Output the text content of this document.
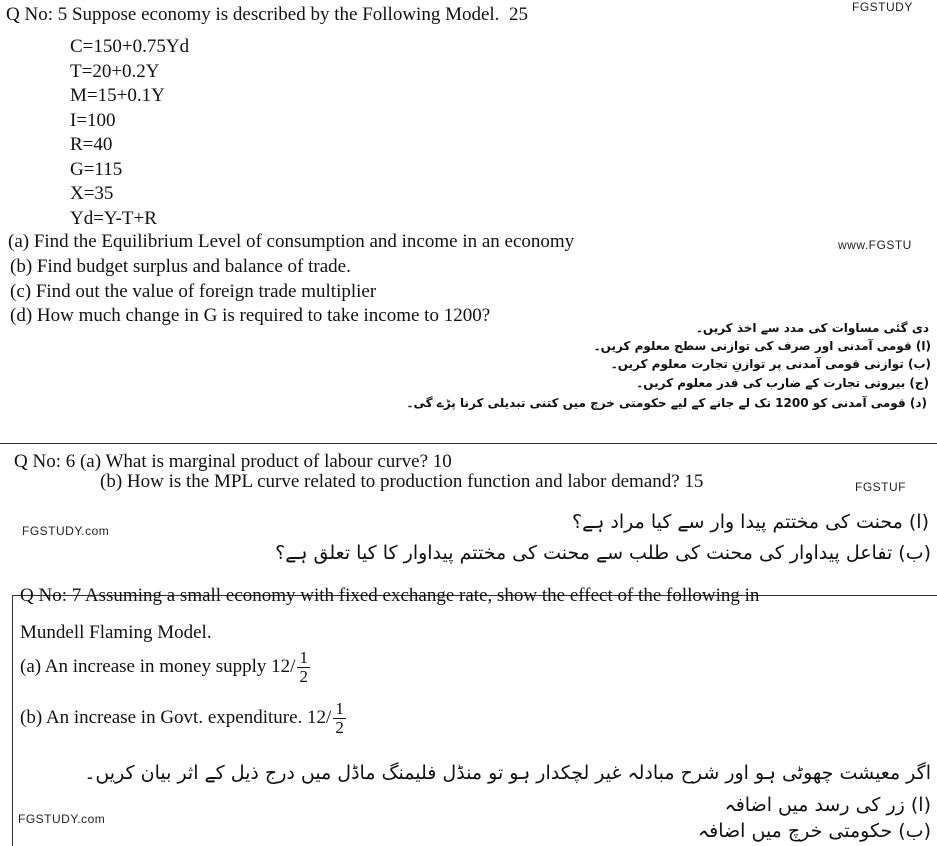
FGSTUDY
www.FGSTU
FGSTUDY.com
FGSTUF
FGSTUDY.com
Q No: 5 Suppose economy is described by the Following Model. 25
C=150+0.75Yd
T=20+0.2Y
M=15+0.1Y
I=100
R=40
G=115
X=35
Yd=Y-T+R
(a) Find the Equilibrium Level of consumption and income in an economy
(b) Find budget surplus and balance of trade.
(c) Find out the value of foreign trade multiplier
(d) How much change in G is required to take income to 1200?
دی گئی مساوات کی مدد سے اخذ کریں۔
(ا) قومی آمدنی اور صرف کی توازنی سطح معلوم کریں۔
(ب) توازنی قومی آمدنی پر توازنِ تجارت معلوم کریں۔
(ج) بیرونی تجارت کے ضارب کی قدر معلوم کریں۔
(د) قومی آمدنی کو 1200 تک لے جانے کے لیے حکومتی خرچ میں کتنی تبدیلی کرنا پڑے گی۔
Q No: 6 (a) What is marginal product of labour curve? 10
(b) How is the MPL curve related to production function and labor demand? 15
(ا) محنت کی مختتم پیدا وار سے کیا مراد ہے؟
(ب) تفاعل پیداوار کی محنت کی طلب سے محنت کی مختتم پیداوار کا کیا تعلق ہے؟
Q No: 7 Assuming a small economy with fixed exchange rate, show the effect of the following in
Mundell Flaming Model.
(a) An increase in money supply $12/ \frac{1}{2}$
(b) An increase in Govt. expenditure. $12/ \frac{1}{2}$
اگر معیشت چھوٹی ہو اور شرح مبادلہ غیر لچکدار ہو تو منڈل فلیمنگ ماڈل میں درج ذیل کے اثر بیان کریں۔
(ا) زر کی رسد میں اضافہ
(ب) حکومتی خرچ میں اضافہ
